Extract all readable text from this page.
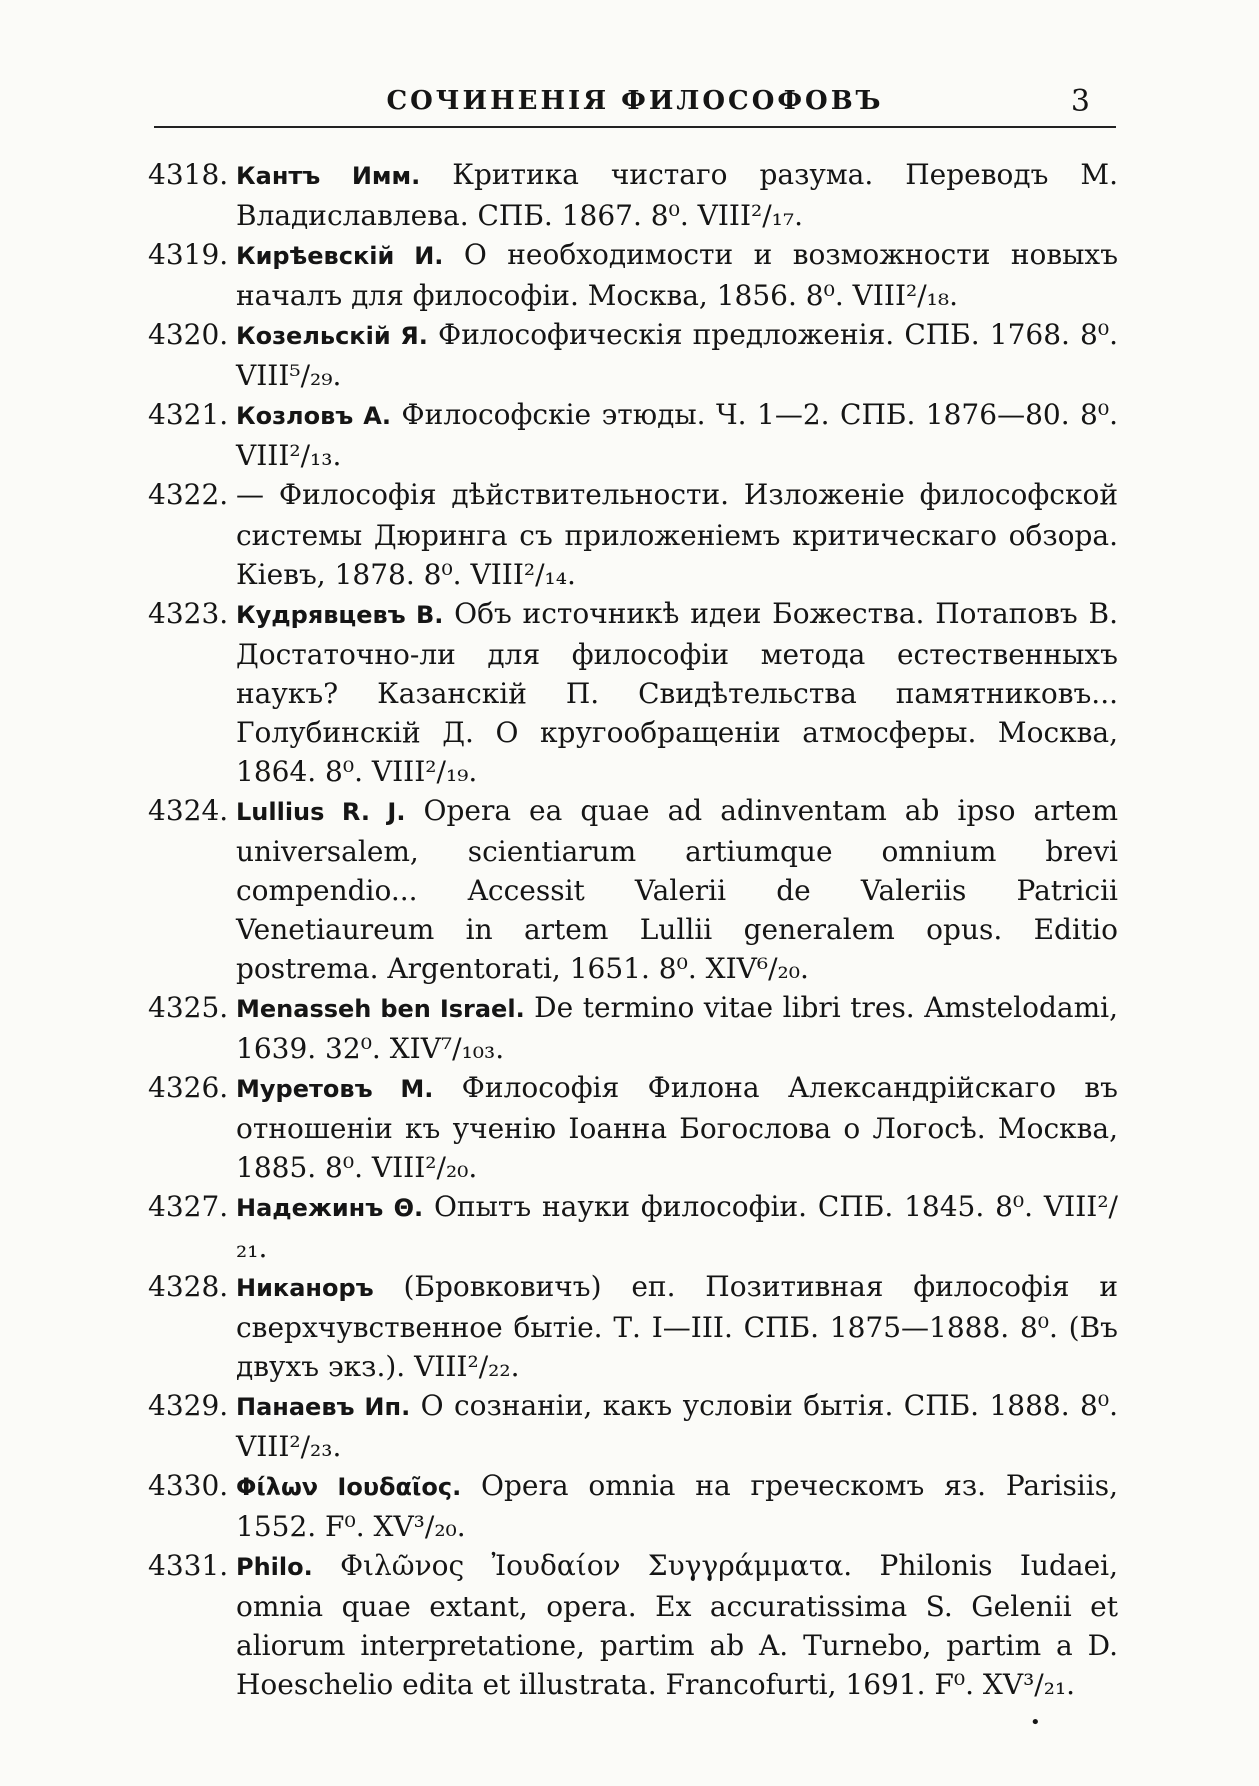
СОЧИНЕНІЯ ФИЛОСОФОВЪ	3
4318. Кантъ Имм. Критика чистаго разума. Переводъ М. Владиславлева. СПБ. 1867. 8⁰. VIII²/₁₇.
4319. Кирѣевскій И. О необходимости и возможности новыхъ началъ для философіи. Москва, 1856. 8⁰. VIII²/₁₈.
4320. Козельскій Я. Философическія предложенія. СПБ. 1768. 8⁰. VIII⁵/₂₉.
4321. Козловъ А. Философскіе этюды. Ч. 1—2. СПБ. 1876—80. 8⁰. VIII²/₁₃.
4322. — Философія дѣйствительности. Изложеніе философской системы Дюринга съ приложеніемъ критическаго обзора. Кіевъ, 1878. 8⁰. VIII²/₁₄.
4323. Кудрявцевъ В. Объ источникѣ идеи Божества. Потаповъ В. Достаточно-ли для философіи метода естественныхъ наукъ? Казанскій П. Свидѣтельства памятниковъ... Голубинскій Д. О кругообращеніи атмосферы. Москва, 1864. 8⁰. VIII²/₁₉.
4324. Lullius R. J. Opera ea quae ad adinventam ab ipso artem universalem, scientiarum artiumque omnium brevi compendio... Accessit Valerii de Valeriis Patricii Venetiaureum in artem Lullii generalem opus. Editio postrema. Argentorati, 1651. 8⁰. XIV⁶/₂₀.
4325. Menasseh ben Israel. De termino vitae libri tres. Amstelodami, 1639. 32⁰. XIV⁷/₁₀₃.
4326. Муретовъ М. Философія Филона Александрійскаго въ отношеніи къ ученію Іоанна Богослова о Логосѣ. Москва, 1885. 8⁰. VIII²/₂₀.
4327. Надежинъ Θ. Опытъ науки философіи. СПБ. 1845. 8⁰. VIII²/₂₁.
4328. Никаноръ (Бровковичъ) еп. Позитивная философія и сверхчувственное бытіе. Т. I—III. СПБ. 1875—1888. 8⁰. (Въ двухъ экз.). VIII²/₂₂.
4329. Панаевъ Ип. О сознаніи, какъ условіи бытія. СПБ. 1888. 8⁰. VIII²/₂₃.
4330. Φίλων Ιουδαῖος. Opera omnia на греческомъ яз. Parisiis, 1552. F⁰. XV³/₂₀.
4331. Philo. Φιλῶνος Ἰουδαίον Συγγράμματα. Philonis Iudaei, omnia quae extant, opera. Ex accuratissima S. Gelenii et aliorum interpretatione, partim ab A. Turnebo, partim a D. Hoeschelio edita et illustrata. Francofurti, 1691. F⁰. XV³/₂₁.
•
